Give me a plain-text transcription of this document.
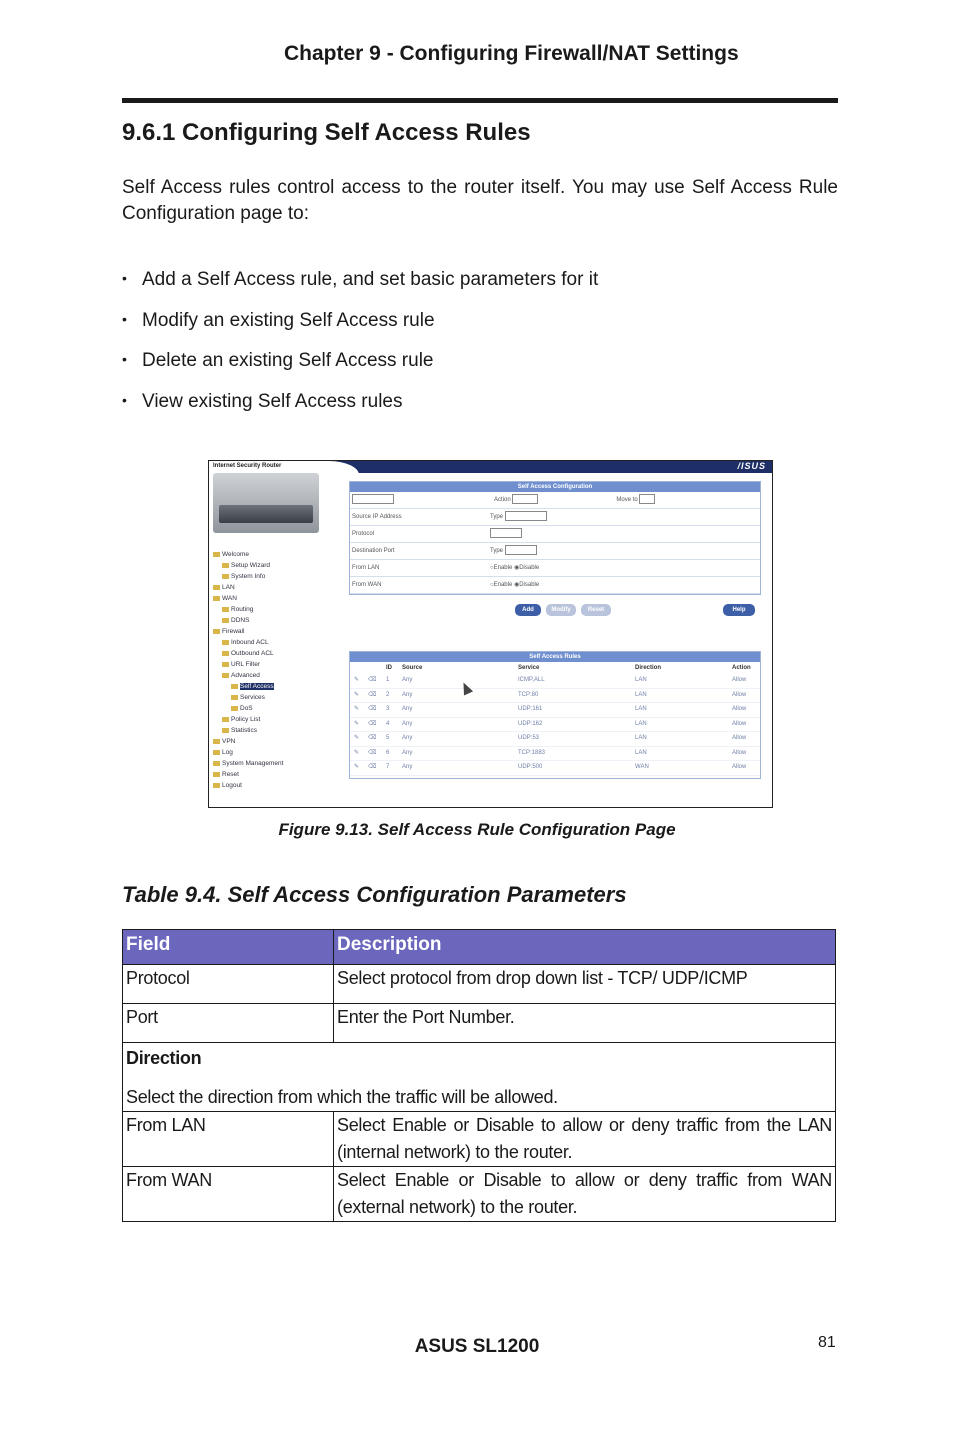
Chapter 9 - Configuring Firewall/NAT Settings
9.6.1 Configuring Self Access Rules
Self Access rules control access to the router itself. You may use Self Access Rule Configuration page to:
• Add a Self Access rule, and set basic parameters for it
• Modify an existing Self Access rule
• Delete an existing Self Access rule
• View existing Self Access rules
/ISUS
Internet Security Router
Welcome
Setup Wizard
System Info
LAN
WAN
Routing
DDNS
Firewall
Inbound ACL
Outbound ACL
URL Filter
Advanced
Self Access
Services
DoS
Policy List
Statistics
VPN
Log
System Management
Reset
Logout
Self Access Configuration
Action	Move to
Source IP Address	Type
Protocol
Destination Port	Type
From LAN	○Enable ◉Disable
From WAN	○Enable ◉Disable
Add	Modify	Reset	Help
Self Access Rules
ID Source	Service	Direction	Action
✎ ⌫ 1 Any	ICMP,ALL	LAN	Allow
✎ ⌫ 2 Any	TCP:80	LAN	Allow
✎ ⌫ 3 Any	UDP:161	LAN	Allow
✎ ⌫ 4 Any	UDP:162	LAN	Allow
✎ ⌫ 5 Any	UDP:53	LAN	Allow
✎ ⌫ 6 Any	TCP:1883	LAN	Allow
✎ ⌫ 7 Any	UDP:500	WAN	Allow
Figure 9.13. Self Access Rule Configuration Page
Table 9.4. Self Access Configuration Parameters
Field	Description
Protocol	Select protocol from drop down list - TCP/ UDP/ICMP
Port	Enter the Port Number.

Direction
Select the direction from which the traffic will be allowed.	

From LAN	Select Enable or Disable to allow or deny traffic from the LAN (internal network) to the router.
From WAN	Select Enable or Disable to allow or deny traffic from WAN (external network) to the router.
ASUS SL1200	81
